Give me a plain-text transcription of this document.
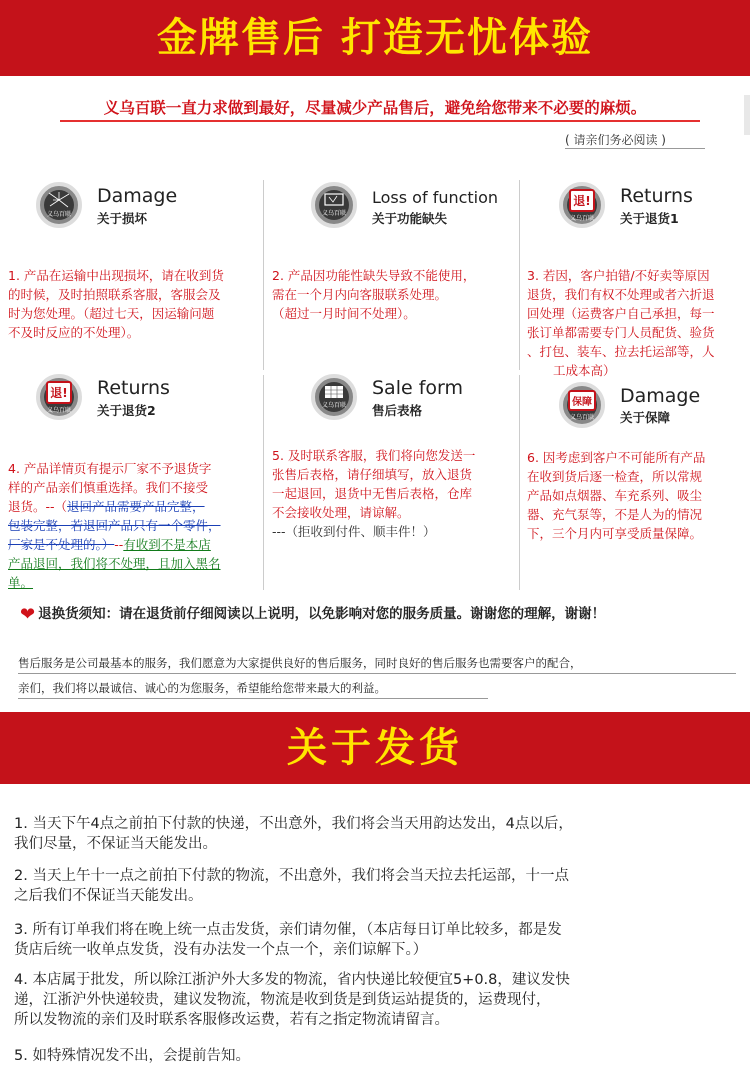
金牌售后 打造无忧体验
义乌百联一直力求做到最好，尽量减少产品售后，避免给您带来不必要的麻烦。
( 请亲们务必阅读 )
义乌百联
Damage
关于损坏	义乌百联
Loss of function
关于功能缺失
退!
义乌百联
Returns
关于退货1
1. 产品在运输中出现损坏，请在收到货
的时候，及时拍照联系客服，客服会及
时为您处理。（超过七天，因运输问题
不及时反应的不处理）。
2. 产品因功能性缺失导致不能使用，
需在一个月内向客服联系处理。
（超过一月时间不处理）。
3. 若因，客户拍错/不好卖等原因
退货，我们有权不处理或者六折退
回处理（运费客户自己承担，每一
张订单都需要专门人员配货、验货
、打包、装车、拉去托运部等，人
工成本高）
退!
义乌百联
Returns
关于退货2	义乌百联
Sale form
售后表格
保障
义乌百联
Damage
关于保障
4. 产品详情页有提示厂家不予退货字
样的产品亲们慎重选择。我们不接受
退货。--（退回产品需要产品完整，
包装完整，若退回产品只有一个零件，
厂家是不处理的。）--有收到不是本店
产品退回，我们将不处理，且加入黑名
单。
5. 及时联系客服，我们将向您发送一
张售后表格，请仔细填写，放入退货
一起退回，退货中无售后表格，仓库
不会接收处理，请谅解。
---（拒收到付件、顺丰件！）
6. 因考虑到客户不可能所有产品
在收到货后逐一检查，所以常规
产品如点烟器、车充系列、吸尘
器、充气泵等，不是人为的情况
下，三个月内可享受质量保障。
❤ 退换货须知：请在退货前仔细阅读以上说明，以免影响对您的服务质量。谢谢您的理解，谢谢！
售后服务是公司最基本的服务，我们愿意为大家提供良好的售后服务，同时良好的售后服务也需要客户的配合，
亲们，我们将以最诚信、诚心的为您服务，希望能给您带来最大的利益。
关于发货
1. 当天下午4点之前拍下付款的快递，不出意外，我们将会当天用韵达发出，4点以后，
我们尽量，不保证当天能发出。
2. 当天上午十一点之前拍下付款的物流，不出意外，我们将会当天拉去托运部，十一点
之后我们不保证当天能发出。
3. 所有订单我们将在晚上统一点击发货，亲们请勿催，（本店每日订单比较多，都是发
货店后统一收单点发货，没有办法发一个点一个，亲们谅解下。）
4. 本店属于批发，所以除江浙沪外大多发的物流，省内快递比较便宜5+0.8，建议发快
递，江浙沪外快递较贵，建议发物流，物流是收到货是到货运站提货的，运费现付，
所以发物流的亲们及时联系客服修改运费，若有之指定物流请留言。
5. 如特殊情况发不出，会提前告知。
